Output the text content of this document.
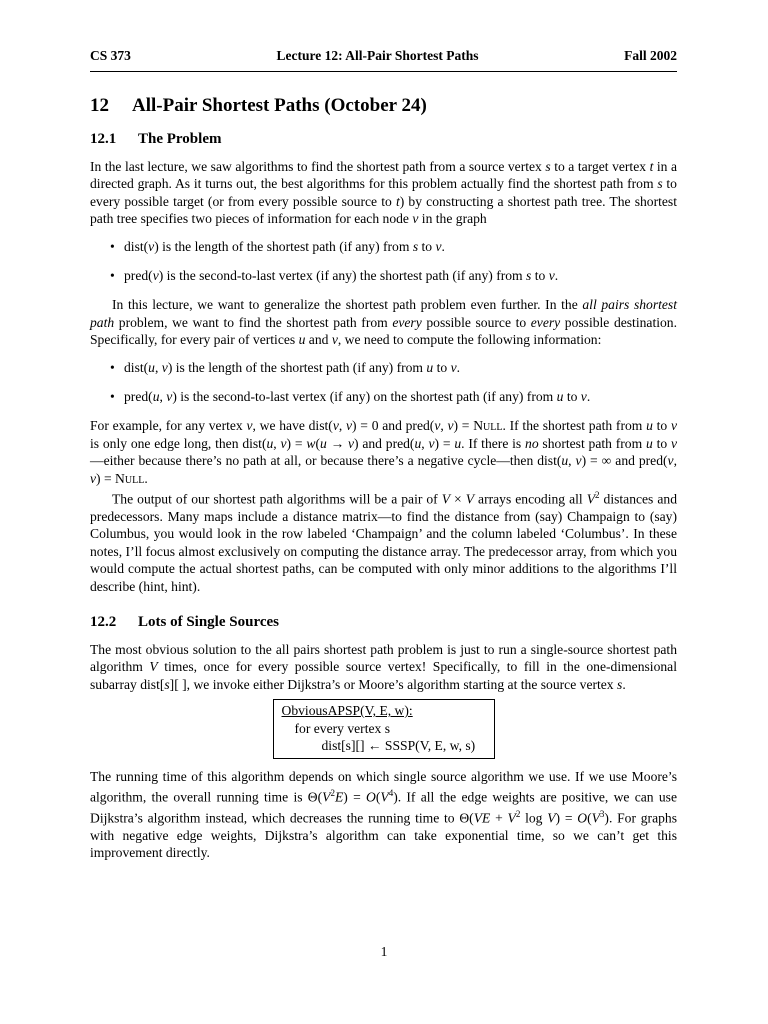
CS 373	Lecture 12: All-Pair Shortest Paths	Fall 2002
12 All-Pair Shortest Paths (October 24)
12.1 The Problem

In the last lecture, we saw algorithms to find the shortest path from a source vertex s to a target vertex t in a directed graph. As it turns out, the best algorithms for this problem actually find the shortest path from s to every possible target (or from every possible source to t) by constructing a shortest path tree. The shortest path tree specifies two pieces of information for each node v in the graph

• dist(v) is the length of the shortest path (if any) from s to v.
• pred(v) is the second-to-last vertex (if any) the shortest path (if any) from s to v.

In this lecture, we want to generalize the shortest path problem even further. In the all pairs shortest path problem, we want to find the shortest path from every possible source to every possible destination. Specifically, for every pair of vertices u and v, we need to compute the following information:

• dist(u, v) is the length of the shortest path (if any) from u to v.
• pred(u, v) is the second-to-last vertex (if any) on the shortest path (if any) from u to v.

For example, for any vertex v, we have dist(v, v) = 0 and pred(v, v) = Null. If the shortest path from u to v is only one edge long, then dist(u, v) = w(u → v) and pred(u, v) = u. If there is no shortest path from u to v—either because there’s no path at all, or because there’s a negative cycle—then dist(u, v) = ∞ and pred(v, v) = Null.

The output of our shortest path algorithms will be a pair of V × V arrays encoding all $V^2$ distances and predecessors. Many maps include a distance matrix—to find the distance from (say) Champaign to (say) Columbus, you would look in the row labeled ‘Champaign’ and the column labeled ‘Columbus’. In these notes, I’ll focus almost exclusively on computing the distance array. The predecessor array, from which you would compute the actual shortest paths, can be computed with only minor additions to the algorithms I’ll describe (hint, hint).

12.2 Lots of Single Sources

The most obvious solution to the all pairs shortest path problem is just to run a single-source shortest path algorithm V times, once for every possible source vertex! Specifically, to fill in the one-dimensional subarray dist[s][ ], we invoke either Dijkstra’s or Moore’s algorithm starting at the source vertex s.

ObviousAPSP(V, E, w):
for every vertex s
dist[s][] ← SSSP(V, E, w, s)

The running time of this algorithm depends on which single source algorithm we use. If we use Moore’s algorithm, the overall running time is $\Theta(V^2E) = O(V^4)$. If all the edge weights are positive, we can use Dijkstra’s algorithm instead, which decreases the running time to $\Theta(VE + V^2$ $\log V) = O(V^3)$. For graphs with negative edge weights, Dijkstra’s algorithm can take exponential time, so we can’t get this improvement directly.

1
